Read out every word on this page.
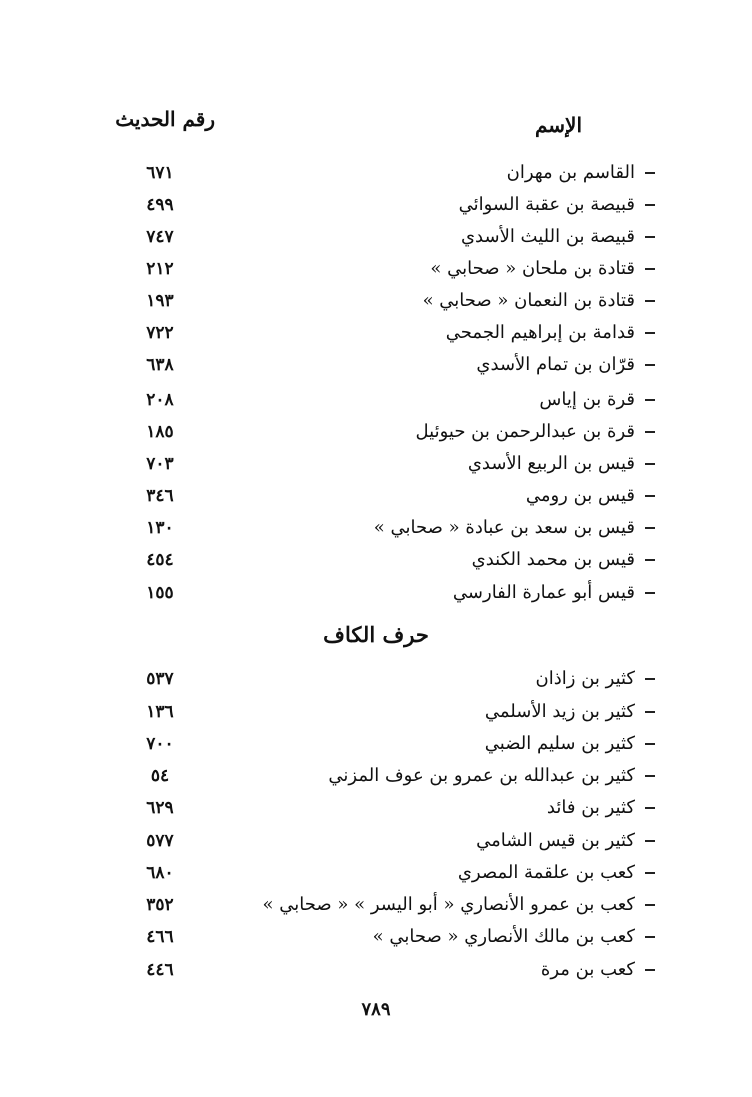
الإسم
رقم الحديث
القاسم بن مهران
٦٧١
قبيصة بن عقبة السوائي
٤٩٩
قبيصة بن الليث الأسدي
٧٤٧
قتادة بن ملحان « صحابي »
٢١٢
قتادة بن النعمان « صحابي »
١٩٣
قدامة بن إبراهيم الجمحي
٧٢٢
قرّان بن تمام الأسدي
٦٣٨
قرة بن إياس
٢٠٨
قرة بن عبدالرحمن بن حيوئيل
١٨٥
قيس بن الربيع الأسدي
٧٠٣
قيس بن رومي
٣٤٦
قيس بن سعد بن عبادة « صحابي »
١٣٠
قيس بن محمد الكندي
٤٥٤
قيس أبو عمارة الفارسي
١٥٥
حرف الكاف
كثير بن زاذان
٥٣٧
كثير بن زيد الأسلمي
١٣٦
كثير بن سليم الضبي
٧٠٠
كثير بن عبدالله بن عمرو بن عوف المزني
٥٤
كثير بن فائد
٦٢٩
كثير بن قيس الشامي
٥٧٧
كعب بن علقمة المصري
٦٨٠
كعب بن عمرو الأنصاري « أبو اليسر » « صحابي »
٣٥٢
كعب بن مالك الأنصاري « صحابي »
٤٦٦
كعب بن مرة
٤٤٦
٧٨٩
